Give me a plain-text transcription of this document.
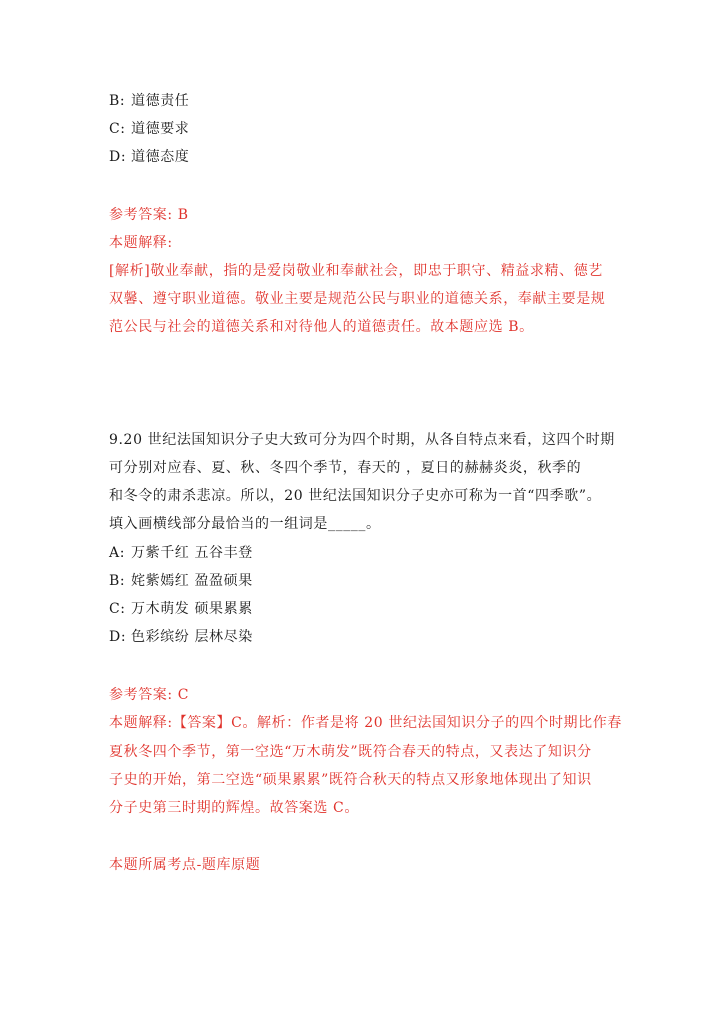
B: 道德责任
C: 道德要求
D: 道德态度
参考答案: B
本题解释:
[解析]敬业奉献，指的是爱岗敬业和奉献社会，即忠于职守、精益求精、德艺
双馨、遵守职业道德。敬业主要是规范公民与职业的道德关系，奉献主要是规
范公民与社会的道德关系和对待他人的道德责任。故本题应选 B。
9.20 世纪法国知识分子史大致可分为四个时期，从各自特点来看，这四个时期
可分别对应春、夏、秋、冬四个季节，春天的 ，夏日的赫赫炎炎，秋季的
和冬令的肃杀悲凉。所以，20 世纪法国知识分子史亦可称为一首“四季歌”。
填入画横线部分最恰当的一组词是_____。
A: 万紫千红 五谷丰登
B: 姹紫嫣红 盈盈硕果
C: 万木萌发 硕果累累
D: 色彩缤纷 层林尽染
参考答案: C
本题解释:【答案】C。解析：作者是将 20 世纪法国知识分子的四个时期比作春
夏秋冬四个季节，第一空选“万木萌发”既符合春天的特点，又表达了知识分
子史的开始，第二空选“硕果累累”既符合秋天的特点又形象地体现出了知识
分子史第三时期的辉煌。故答案选 C。
本题所属考点-题库原题
